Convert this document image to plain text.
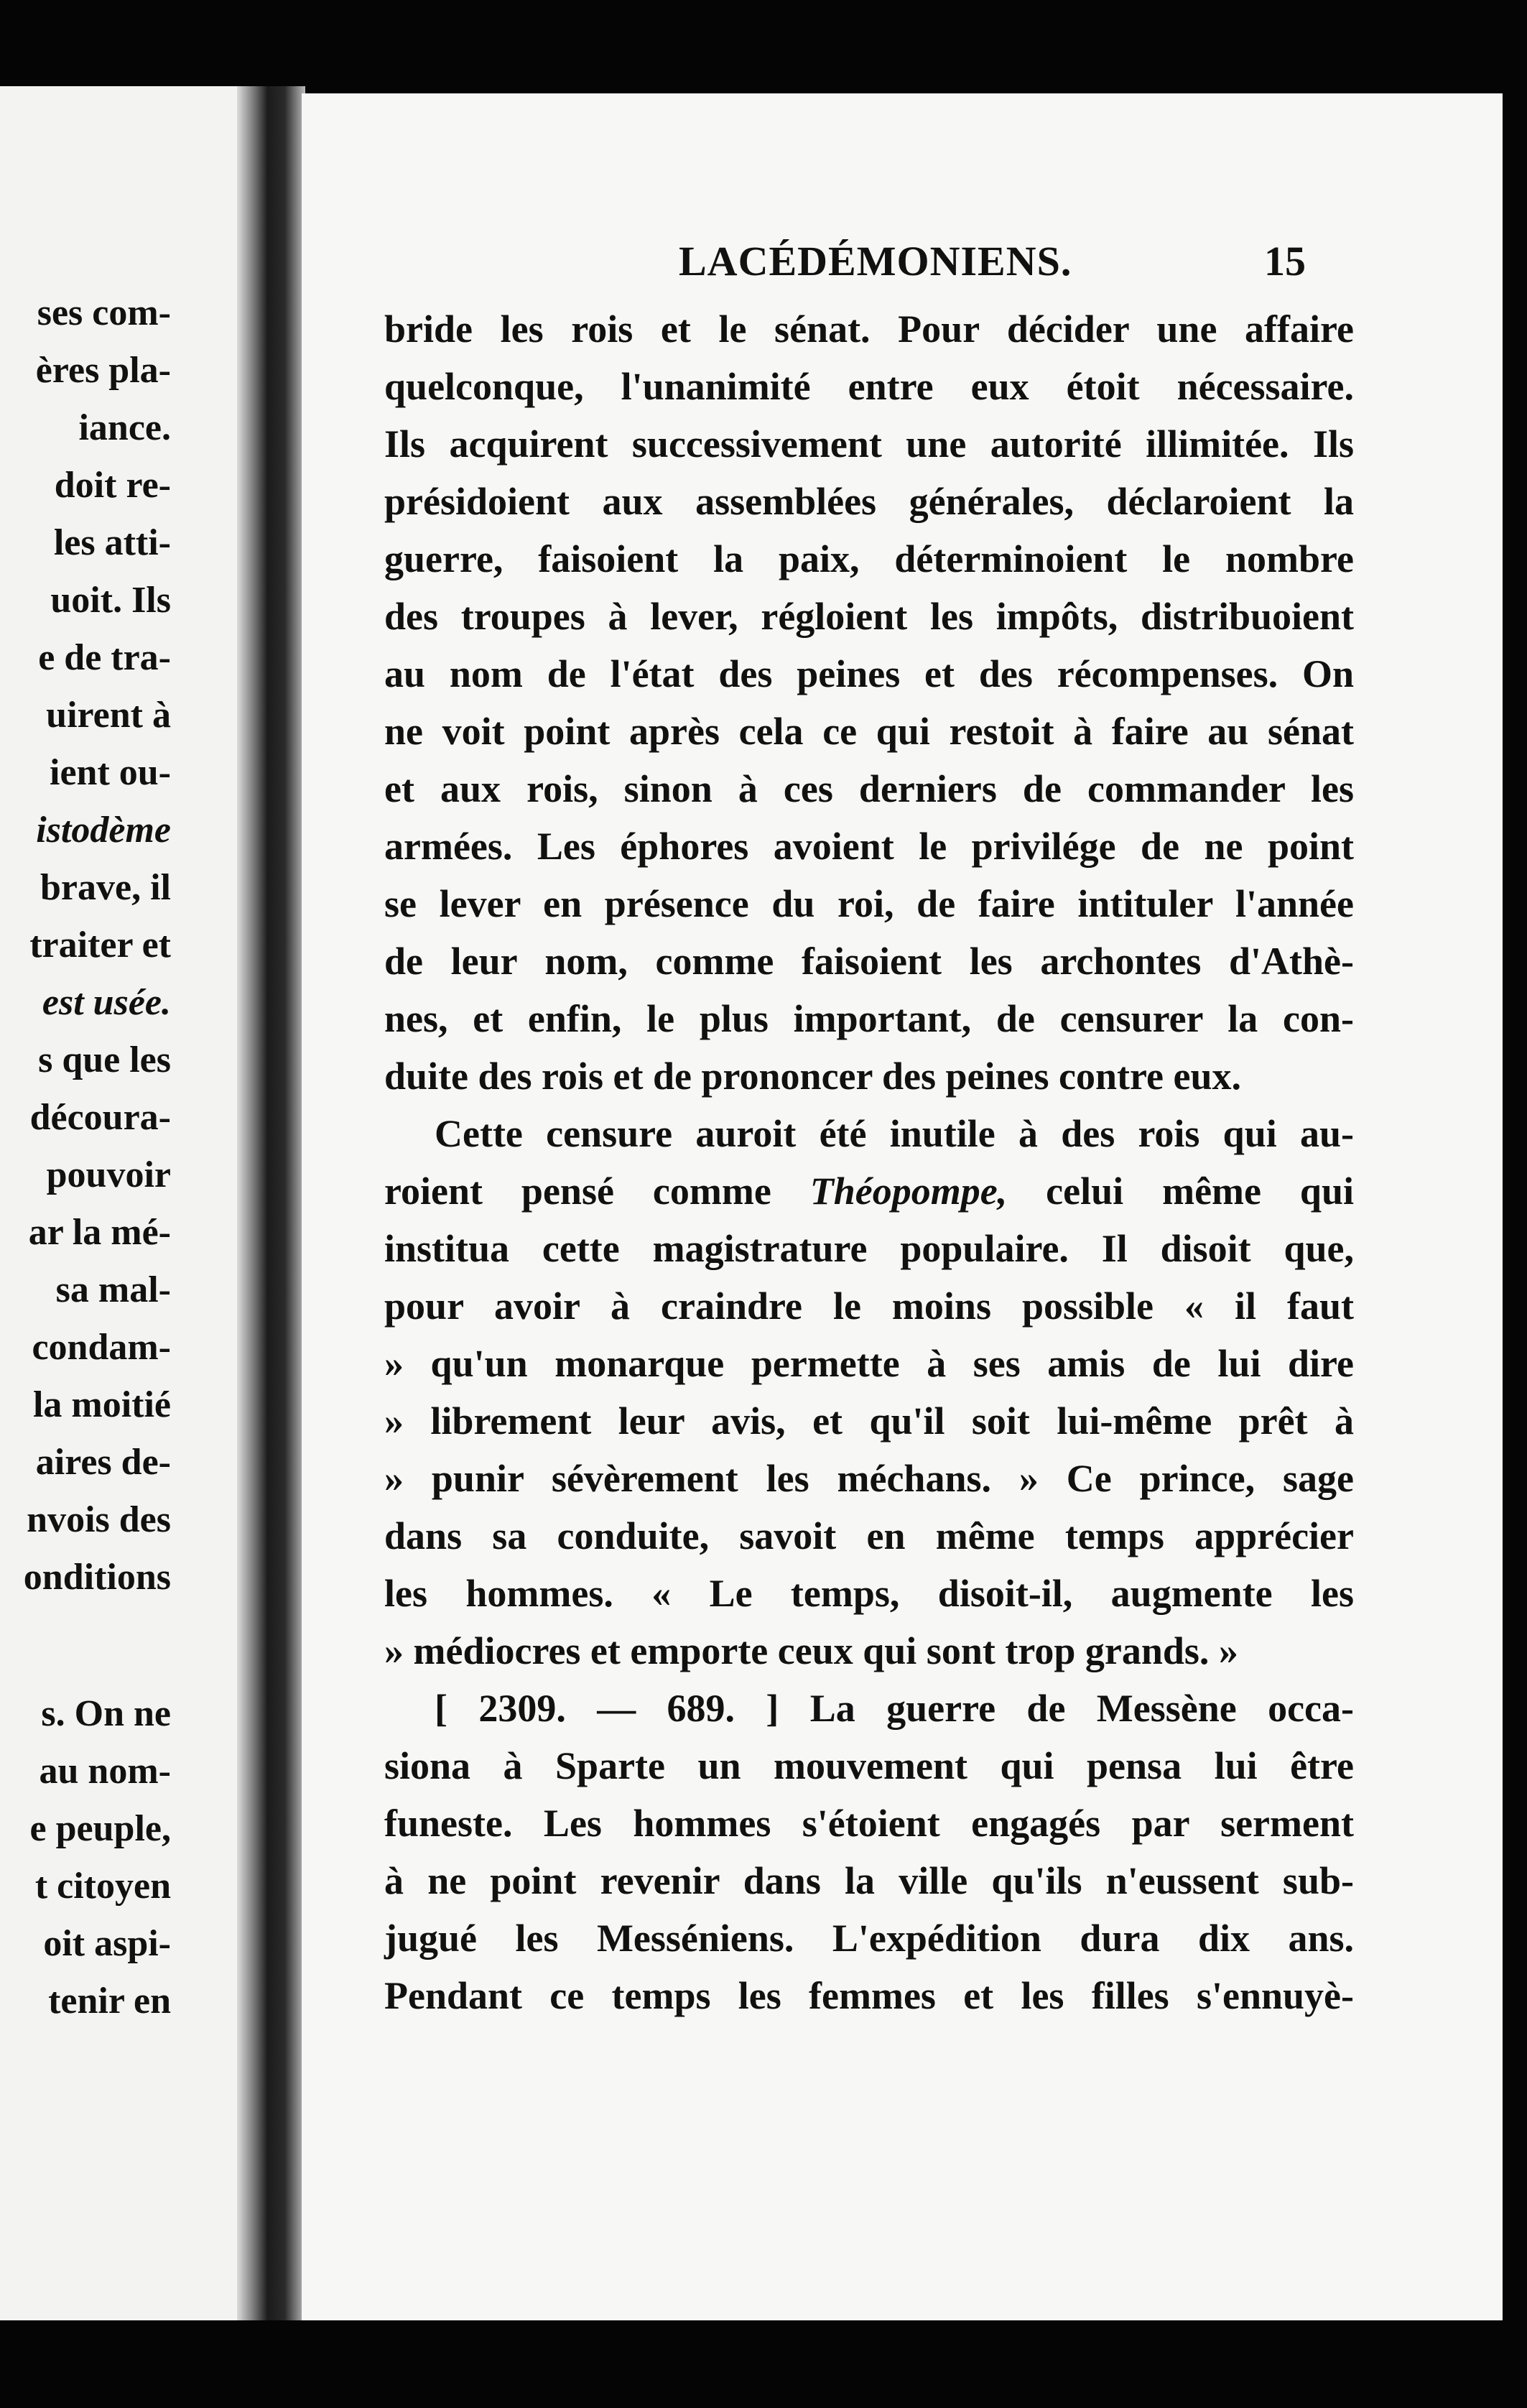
ses com-
ères pla-
iance.
doit re-
les atti-
uoit. Ils
e de tra-
uirent à
ient ou-
istodème
brave, il
traiter et
est usée.
s que les
découra-
pouvoir
ar la mé-
sa mal-
condam-
la moitié
aires de-
nvois des
onditions
s. On ne
au nom-
e peuple,
t citoyen
oit aspi-
tenir en
LACÉDÉMONIENS.	15
bride les rois et le sénat. Pour décider une affaire
quelconque, l'unanimité entre eux étoit nécessaire.
Ils acquirent successivement une autorité illimitée. Ils
présidoient aux assemblées générales, déclaroient la
guerre, faisoient la paix, déterminoient le nombre
des troupes à lever, régloient les impôts, distribuoient
au nom de l'état des peines et des récompenses. On
ne voit point après cela ce qui restoit à faire au sénat
et aux rois, sinon à ces derniers de commander les
armées. Les éphores avoient le privilége de ne point
se lever en présence du roi, de faire intituler l'année
de leur nom, comme faisoient les archontes d'Athè-
nes, et enfin, le plus important, de censurer la con-
duite des rois et de prononcer des peines contre eux.
Cette censure auroit été inutile à des rois qui au-
roient pensé comme Théopompe, celui même qui
institua cette magistrature populaire. Il disoit que,
pour avoir à craindre le moins possible « il faut
» qu'un monarque permette à ses amis de lui dire
» librement leur avis, et qu'il soit lui-même prêt à
» punir sévèrement les méchans. » Ce prince, sage
dans sa conduite, savoit en même temps apprécier
les hommes. « Le temps, disoit-il, augmente les
» médiocres et emporte ceux qui sont trop grands. »
[ 2309. — 689. ] La guerre de Messène occa-
siona à Sparte un mouvement qui pensa lui être
funeste. Les hommes s'étoient engagés par serment
à ne point revenir dans la ville qu'ils n'eussent sub-
jugué les Messéniens. L'expédition dura dix ans.
Pendant ce temps les femmes et les filles s'ennuyè-
